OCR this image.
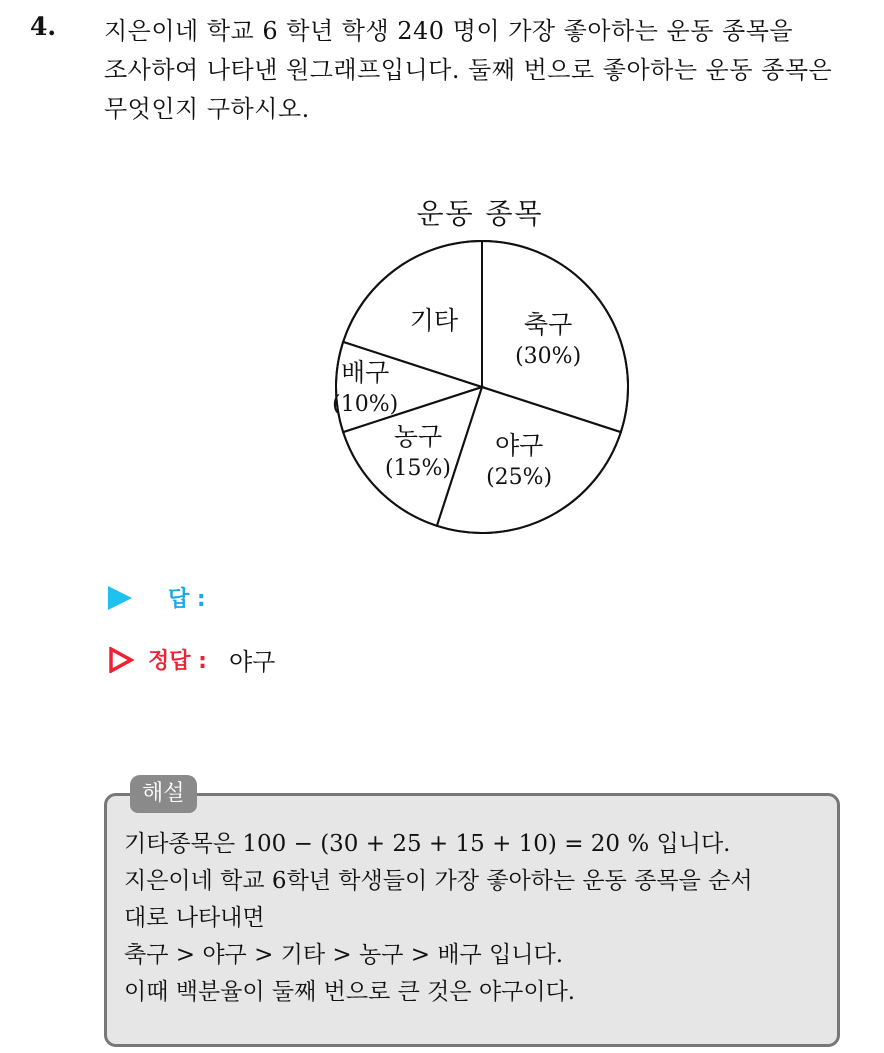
4. 지은이네 학교 6 학년 학생 240 명이 가장 좋아하는 운동 종목을
조사하여 나타낸 원그래프입니다. 둘째 번으로 좋아하는 운동 종목은
무엇인지 구하시오.
운동 종목
축구
(30%)
야구
(25%)
농구
(15%)
배구
(10%)
기타
답 :
정답 : 야구
해설
기타종목은 100 − (30 + 25 + 15 + 10) = 20 % 입니다.
지은이네 학교 6학년 학생들이 가장 좋아하는 운동 종목을 순서
대로 나타내면
축구 > 야구 > 기타 > 농구 > 배구 입니다.
이때 백분율이 둘째 번으로 큰 것은 야구이다.
